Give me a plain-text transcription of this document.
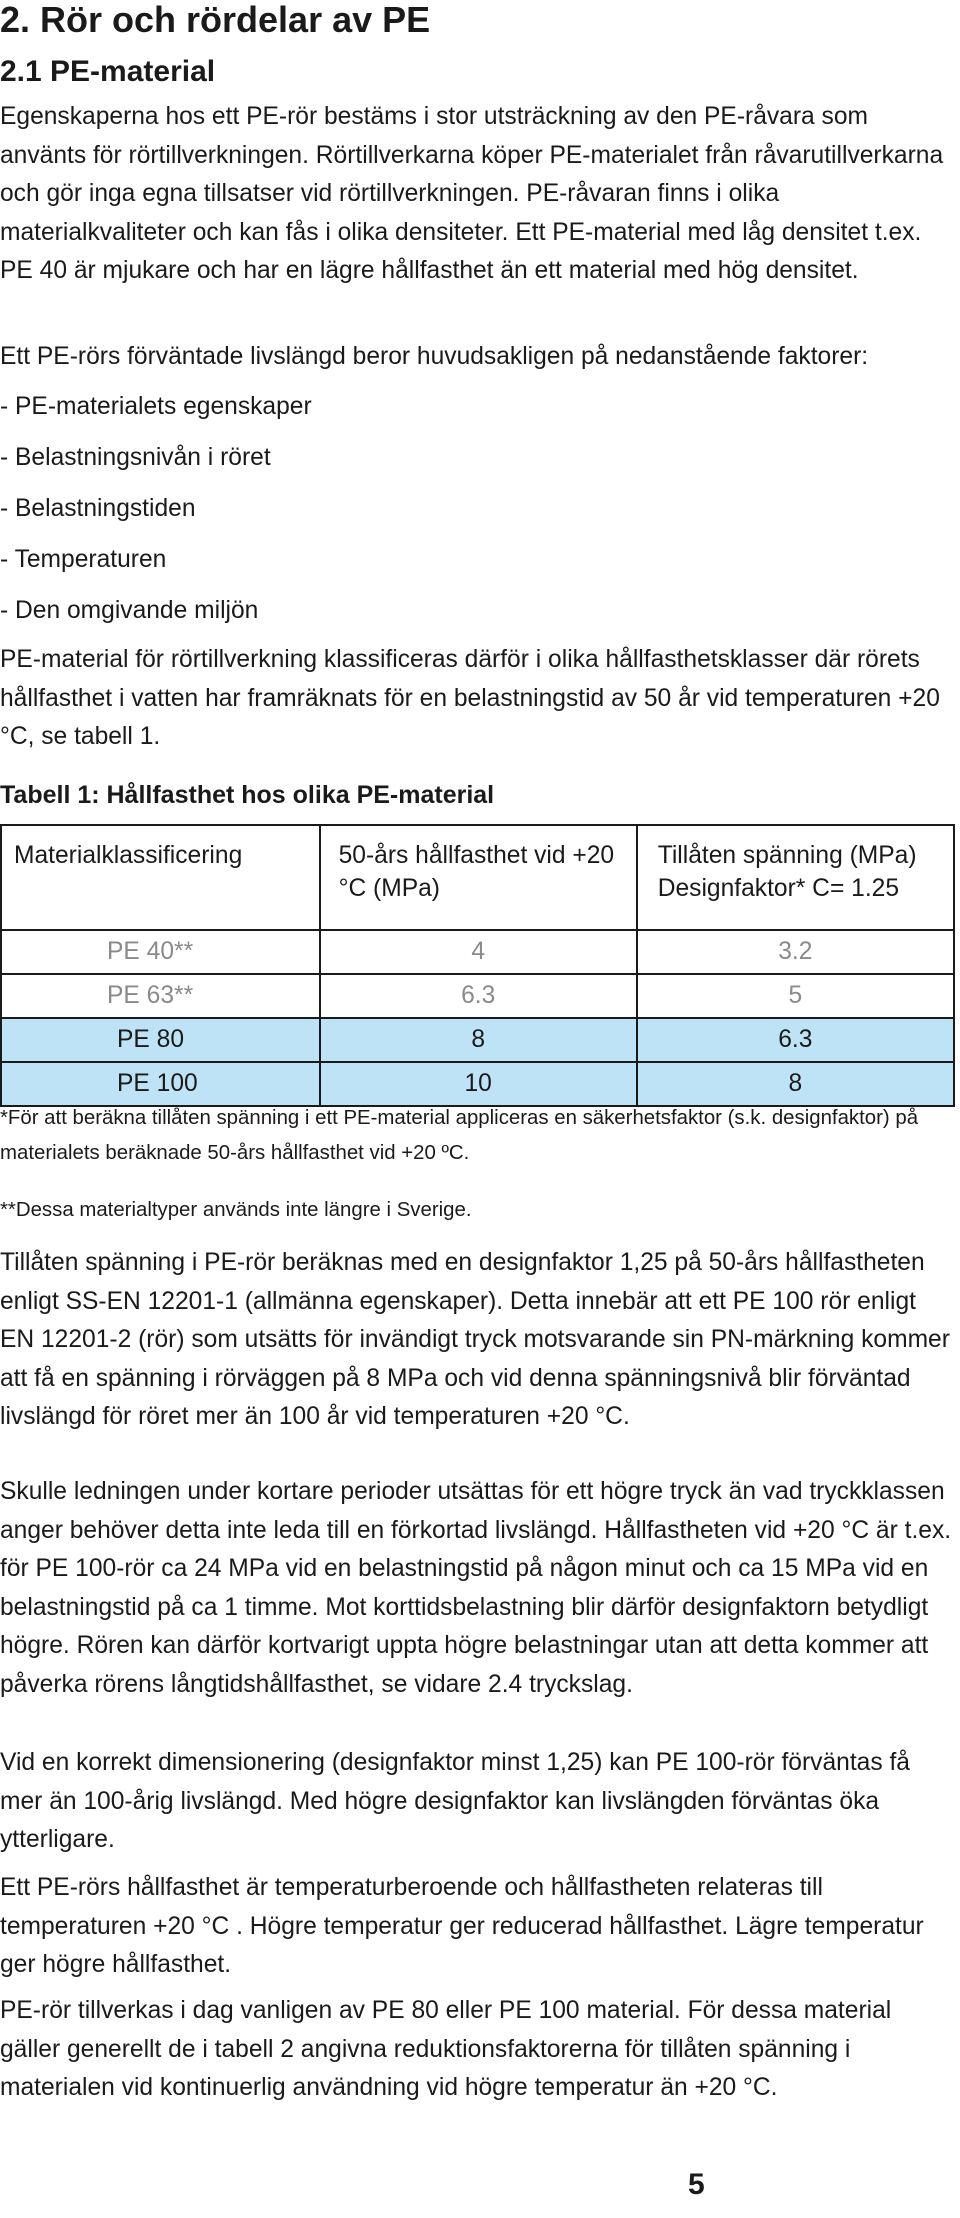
2. Rör och rördelar av PE
2.1 PE-material

Egenskaperna hos ett PE-rör bestäms i stor utsträckning av den PE-råvara som använts för rörtillverkningen. Rörtillverkarna köper PE-materialet från råvarutillverkarna och gör inga egna tillsatser vid rörtillverkningen. PE-råvaran finns i olika materialkvaliteter och kan fås i olika densiteter. Ett PE-material med låg densitet t.ex. PE 40 är mjukare och har en lägre hållfasthet än ett material med hög densitet.

Ett PE-rörs förväntade livslängd beror huvudsakligen på nedanstående faktorer:

- PE-materialets egenskaper
- Belastningsnivån i röret
- Belastningstiden
- Temperaturen
- Den omgivande miljön

PE-material för rörtillverkning klassificeras därför i olika hållfasthetsklasser där rörets hållfasthet i vatten har framräknats för en belastningstid av 50 år vid temperaturen +20 °C, se tabell 1.

Tabell 1: Hållfasthet hos olika PE-material
Materialklassificering	50-års hållfasthet vid +20 °C (MPa)	Tillåten spänning (MPa) Designfaktor* C= 1.25
PE 40**	4	3.2
PE 63**	6.3	5
PE 80	8	6.3
PE 100	10	8
*För att beräkna tillåten spänning i ett PE-material appliceras en säkerhetsfaktor (s.k. designfaktor) på materialets beräknade 50-års hållfasthet vid +20 ºC.
**Dessa materialtyper används inte längre i Sverige.

Tillåten spänning i PE-rör beräknas med en designfaktor 1,25 på 50-års hållfastheten enligt SS-EN 12201-1 (allmänna egenskaper). Detta innebär att ett PE 100 rör enligt EN 12201-2 (rör) som utsätts för invändigt tryck motsvarande sin PN-märkning kommer att få en spänning i rörväggen på 8 MPa och vid denna spänningsnivå blir förväntad livslängd för röret mer än 100 år vid temperaturen +20 °C.

Skulle ledningen under kortare perioder utsättas för ett högre tryck än vad tryckklassen anger behöver detta inte leda till en förkortad livslängd. Hållfastheten vid +20 °C är t.ex. för PE 100-rör ca 24 MPa vid en belastningstid på någon minut och ca 15 MPa vid en belastningstid på ca 1 timme. Mot korttidsbelastning blir därför designfaktorn betydligt högre. Rören kan därför kortvarigt uppta högre belastningar utan att detta kommer att påverka rörens långtidshållfasthet, se vidare 2.4 tryckslag.

Vid en korrekt dimensionering (designfaktor minst 1,25) kan PE 100-rör förväntas få mer än 100-årig livslängd. Med högre designfaktor kan livslängden förväntas öka ytterligare.

Ett PE-rörs hållfasthet är temperaturberoende och hållfastheten relateras till temperaturen +20 °C . Högre temperatur ger reducerad hållfasthet. Lägre temperatur ger högre hållfasthet.

PE-rör tillverkas i dag vanligen av PE 80 eller PE 100 material. För dessa material gäller generellt de i tabell 2 angivna reduktionsfaktorerna för tillåten spänning i materialen vid kontinuerlig användning vid högre temperatur än +20 °C.

5
